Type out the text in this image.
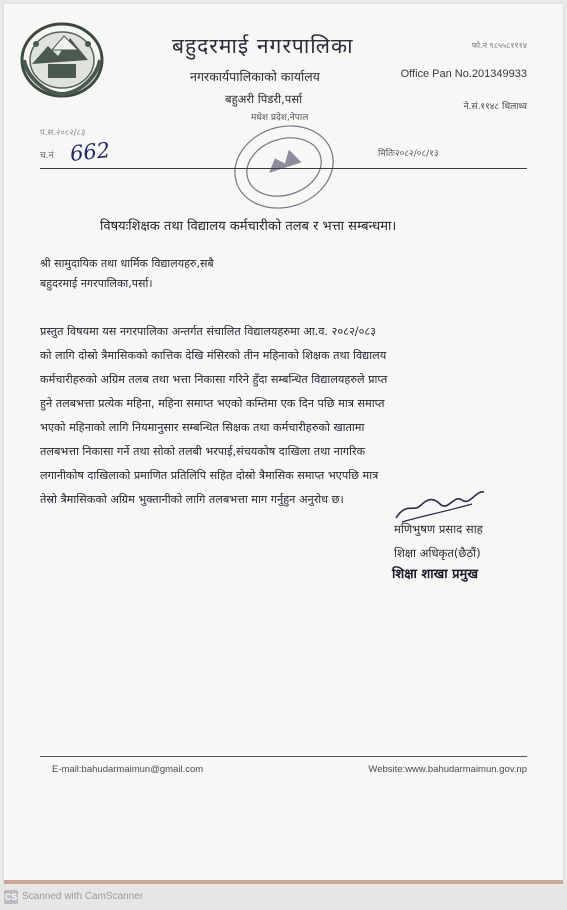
बहुदरमाई नगरपालिका
नगरकार्यपालिकाको कार्यालय
बहुअरी पिडरी,पर्सा
मधेश प्रदेश,नेपाल
फो.नं ९८५५८१११४
Office Pan No.201349933
ने.सं.११४८ थिलाथ्व
प.स.२०८२/८३
च.नं 662	मितिः२०८२/०८/१३
विषयःशिक्षक तथा विद्यालय कर्मचारीको तलब र भत्ता सम्बन्धमा।
श्री सामुदायिक तथा धार्मिक विद्यालयहरु,सबै
बहुदरमाई नगरपालिका,पर्सा।
प्रस्तुत विषयमा यस नगरपालिका अन्तर्गत संचालित विद्यालयहरुमा आ.व. २०८२/०८३
को लागि दोस्रो त्रैमासिकको कात्तिक देखि मंसिरको तीन महिनाको शिक्षक तथा विद्यालय
कर्मचारीहरुको अग्रिम तलब तथा भत्ता निकासा गरिने हुँदा सम्बन्धित विद्यालयहरुले प्राप्त
हुने तलबभत्ता प्रत्येक महिना, महिना समाप्त भएको कम्तिमा एक दिन पछि मात्र समाप्त
भएको महिनाको लागि नियमानुसार सम्बन्धित सिक्षक तथा कर्मचारीहरुको खातामा
तलबभत्ता निकासा गर्ने तथा सोको तलबी भरपाई,संचयकोष दाखिला तथा नागरिक
लगानीकोष दाखिलाको प्रमाणित प्रतिलिपि सहित दोस्रो त्रैमासिक समाप्त भएपछि मात्र
तेस्रो त्रैमासिकको अग्रिम भुक्तानीको लागि तलबभत्ता माग गर्नुहुन अनुरोध छ।
मणिभुषण प्रसाद साह
शिक्षा अधिकृत(छैठौं)
शिक्षा शाखा प्रमुख
E-mail:bahudarmaimun@gmail.com	Website:www.bahudarmaimun.gov.np
CS Scanned with CamScanner
